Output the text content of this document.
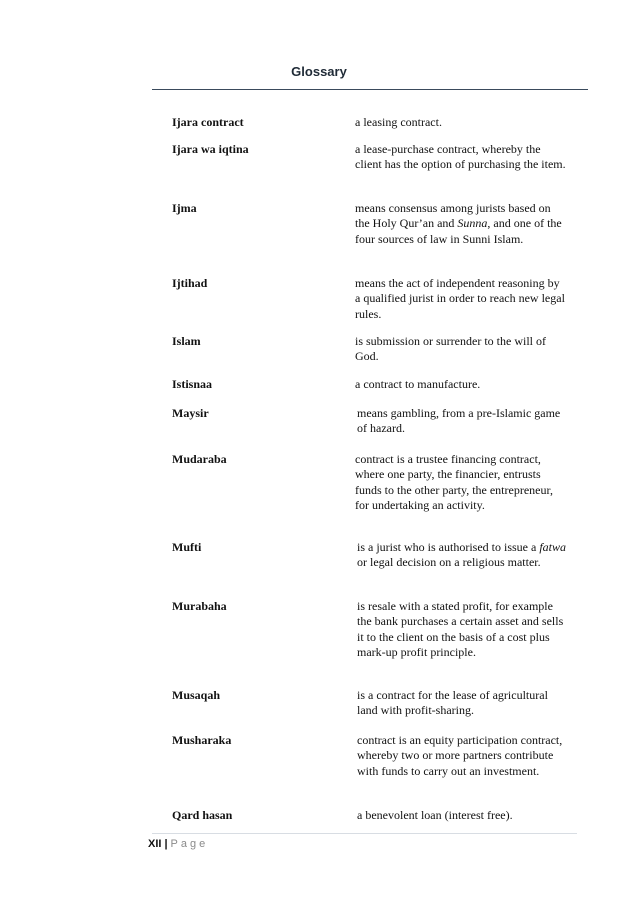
Glossary
Ijara contract	a leasing contract.
Ijara wa iqtina	a lease-purchase contract, whereby the client has the option of purchasing the item.
Ijma	means consensus among jurists based on the Holy Qur’an and Sunna, and one of the four sources of law in Sunni Islam.
Ijtihad	means the act of independent reasoning by a qualified jurist in order to reach new legal rules.
Islam	is submission or surrender to the will of God.
Istisnaa	a contract to manufacture.
Maysir	means gambling, from a pre-Islamic game of hazard.
Mudaraba	contract is a trustee financing contract, where one party, the financier, entrusts funds to the other party, the entrepreneur, for undertaking an activity.
Mufti	is a jurist who is authorised to issue a fatwa or legal decision on a religious matter.
Murabaha	is resale with a stated profit, for example the bank purchases a certain asset and sells it to the client on the basis of a cost plus mark-up profit principle.
Musaqah	is a contract for the lease of agricultural land with profit-sharing.
Musharaka	contract is an equity participation contract, whereby two or more partners contribute with funds to carry out an investment.
Qard hasan	a benevolent loan (interest free).
XII | Page
